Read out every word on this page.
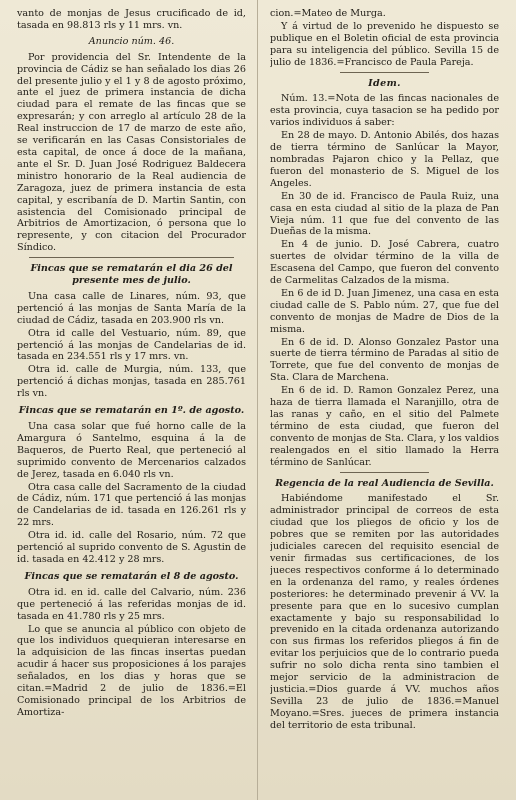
vanto de monjas de Jesus crucificado de id, tasada en 98.813 rls y 11 mrs. vn.

Anuncio núm. 46.

Por providencia del Sr. Intendente de la provincia de Cádiz se han señalado los dias 26 del presente julio y el 1 y 8 de agosto próximo, ante el juez de primera instancia de dicha ciudad para el remate de las fincas que se expresarán; y con arreglo al artículo 28 de la Real instruccion de 17 de marzo de este año, se verificarán en las Casas Consistoriales de esta capital, de once á doce de la mañana, ante el Sr. D. Juan José Rodriguez Baldecera ministro honorario de la Real audiencia de Zaragoza, juez de primera instancia de esta capital, y escribanía de D. Martin Santin, con asistencia del Comisionado principal de Arbitrios de Amortizacion, ó persona que lo represente, y con citacion del Procurador Síndico.

Fincas que se rematarán el dia 26 del presente mes de julio.

Una casa calle de Linares, núm. 93, que pertenció á las monjas de Santa María de la ciudad de Cádiz, tasada en 203.900 rls vn.

Otra id calle del Vestuario, núm. 89, que pertenció á las monjas de Candelarias de id. tasada en 234.551 rls y 17 mrs. vn.

Otra id. calle de Murgia, núm. 133, que pertenció á dichas monjas, tasada en 285.761 rls vn.

Fincas que se rematarán en 1º. de agosto.

Una casa solar que fué horno calle de la Amargura ó Santelmo, esquina á la de Baqueros, de Puerto Real, que perteneció al suprimido convento de Mercenarios calzados de Jerez, tasada en 6.040 rls vn.

Otra casa calle del Sacramento de la ciudad de Cádiz, núm. 171 que pertenció á las monjas de Candelarias de id. tasada en 126.261 rls y 22 mrs.

Otra id. id. calle del Rosario, núm. 72 que pertenció al suprido convento de S. Agustin de id. tasada en 42.412 y 28 mrs.

Fincas que se rematarán el 8 de agosto.

Otra id. en id. calle del Calvario, núm. 236 que perteneció á las referidas monjas de id. tasada en 41.780 rls y 25 mrs.

Lo que se anuncia al público con objeto de que los individuos quequieran interesarse en la adquisicion de las fincas insertas puedan acudir á hacer sus proposiciones á los parajes señalados, en los dias y horas que se citan.=Madrid 2 de julio de 1836.=El Comisionado principal de los Arbitrios de Amortiza-

cion.=Mateo de Murga.

Y á virtud de lo prevenido he dispuesto se publique en el Boletin oficial de esta provincia para su inteligencia del público. Sevilla 15 de julio de 1836.=Francisco de Paula Pareja.

Idem.

Núm. 13.=Nota de las fincas nacionales de esta provincia, cuya tasacion se ha pedido por varios individuos á saber:

En 28 de mayo. D. Antonio Abilés, dos hazas de tierra término de Sanlúcar la Mayor, nombradas Pajaron chico y la Pellaz, que fueron del monasterio de S. Miguel de los Angeles.

En 30 de id. Francisco de Paula Ruiz, una casa en esta ciudad al sitio de la plaza de Pan Vieja núm. 11 que fue del convento de las Dueñas de la misma.

En 4 de junio. D. José Cabrera, cuatro suertes de olvidar término de la villa de Escasena del Campo, que fueron del convento de Carmelitas Calzados de la misma.

En 6 de id D. Juan Jimenez, una casa en esta ciudad calle de S. Pablo núm. 27, que fue del convento de monjas de Madre de Dios de la misma.

En 6 de id. D. Alonso Gonzalez Pastor una suerte de tierra término de Paradas al sitio de Torrete, que fue del convento de monjas de Sta. Clara de Marchena.

En 6 de id. D. Ramon Gonzalez Perez, una haza de tierra llamada el Naranjillo, otra de las ranas y caño, en el sitio del Palmete término de esta ciudad, que fueron del convento de monjas de Sta. Clara, y los valdios realengados en el sitio llamado la Herra término de Sanlúcar.

Regencia de la real Audiencia de Sevilla.

Habiéndome manifestado el Sr. administrador principal de correos de esta ciudad que los pliegos de oficio y los de pobres que se remiten por las autoridades judiciales carecen del requisito esencial de venir firmadas sus certificaciones, de los jueces respectivos conforme á lo determinado en la ordenanza del ramo, y reales órdenes posteriores: he determinado prevenir á VV. la presente para que en lo sucesivo cumplan exactamente y bajo su responsabilidad lo prevenido en la citada ordenanza autorizando con sus firmas los referidos pliegos á fin de evitar los perjuicios que de lo contrario pueda sufrir no solo dicha renta sino tambien el mejor servicio de la administracion de justicia.=Dios guarde á VV. muchos años Sevilla 23 de julio de 1836.=Manuel Moyano.=Sres. jueces de primera instancia del territorio de esta tribunal.
